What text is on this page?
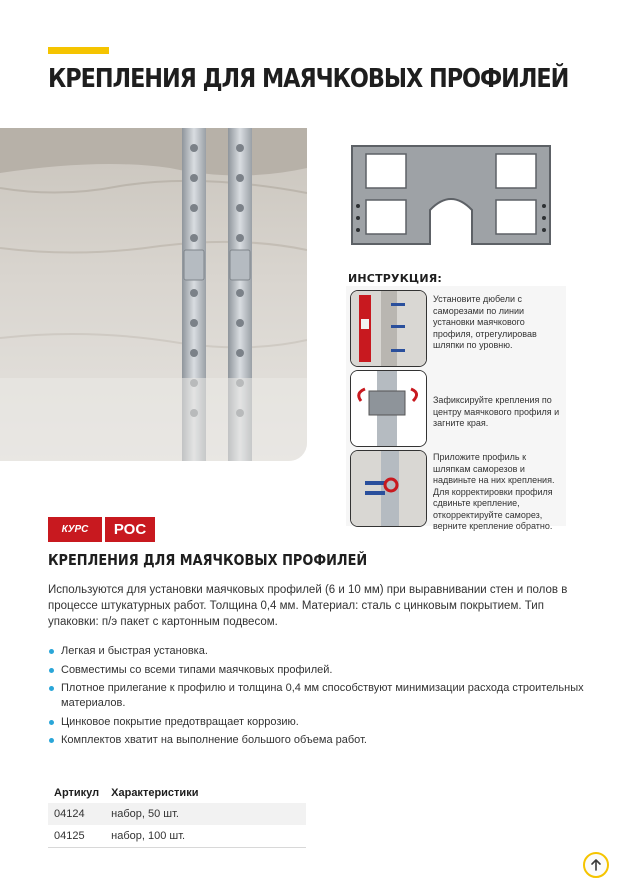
КРЕПЛЕНИЯ ДЛЯ МАЯЧКОВЫХ ПРОФИЛЕЙ
ИНСТРУКЦИЯ:
Установите дюбели с саморезами по линии установки маячкового профиля, отрегулировав шляпки по уровню.
Зафиксируйте крепления по центру маячкового профиля и загните края.
Приложите профиль к шляпкам саморезов и надвиньте на них крепления. Для корректировки профиля сдвиньте крепление, откорректируйте саморез, верните крепление обратно.
КУРС	РОС
КРЕПЛЕНИЯ ДЛЯ МАЯЧКОВЫХ ПРОФИЛЕЙ

Используются для установки маячковых профилей (6 и 10 мм) при выравнивании стен и полов в процессе штукатурных работ. Толщина 0,4 мм. Материал: сталь с цинковым покрытием. Тип упаковки: п/э пакет с картонным подвесом.

Легкая и быстрая установка.
Совместимы со всеми типами маячковых профилей.
Плотное прилегание к профилю и толщина 0,4 мм способствуют минимизации расхода строительных материалов.
Цинковое покрытие предотвращает коррозию.
Комплектов хватит на выполнение большого объема работ.
Артикул	Характеристики
04124	набор, 50 шт.
04125	набор, 100 шт.
